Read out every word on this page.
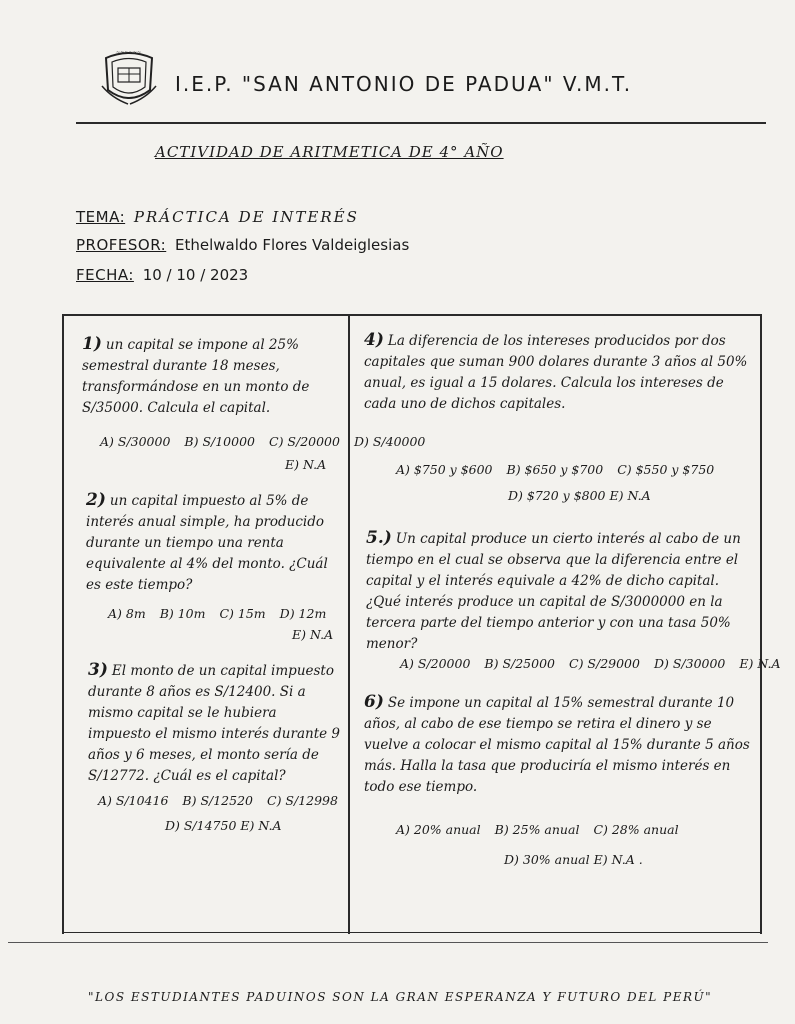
~~~~~~
I.E.P. "SAN ANTONIO DE PADUA" V.M.T.
ACTIVIDAD DE ARITMETICA DE 4° AÑO
TEMA: PRÁCTICA DE INTERÉS
PROFESOR: Ethelwaldo Flores Valdeiglesias
FECHA: 10 / 10 / 2023
1) un capital se impone al 25% semestral durante 18 meses, transformándose en un monto de S/35000. Calcula el capital.
A) S/30000 B) S/10000 C) S/20000 D) S/40000
E) N.A
2) un capital impuesto al 5% de interés anual simple, ha producido durante un tiempo una renta equivalente al 4% del monto. ¿Cuál es este tiempo?
A) 8m B) 10m C) 15m D) 12m
E) N.A
3) El monto de un capital impuesto durante 8 años es S/12400. Si a mismo capital se le hubiera impuesto el mismo interés durante 9 años y 6 meses, el monto sería de S/12772. ¿Cuál es el capital?
A) S/10416 B) S/12520 C) S/12998
D) S/14750 E) N.A
4) La diferencia de los intereses producidos por dos capitales que suman 900 dolares durante 3 años al 50% anual, es igual a 15 dolares. Calcula los intereses de cada uno de dichos capitales.
A) $750 y $600 B) $650 y $700 C) $550 y $750
D) $720 y $800 E) N.A
5.) Un capital produce un cierto interés al cabo de un tiempo en el cual se observa que la diferencia entre el capital y el interés equivale a 42% de dicho capital. ¿Qué interés produce un capital de S/3000000 en la tercera parte del tiempo anterior y con una tasa 50% menor?
A) S/20000 B) S/25000 C) S/29000 D) S/30000 E) N.A
6) Se impone un capital al 15% semestral durante 10 años, al cabo de ese tiempo se retira el dinero y se vuelve a colocar el mismo capital al 15% durante 5 años más. Halla la tasa que produciría el mismo interés en todo ese tiempo.
A) 20% anual B) 25% anual C) 28% anual
D) 30% anual E) N.A .
"LOS ESTUDIANTES PADUINOS SON LA GRAN ESPERANZA Y FUTURO DEL PERÚ"
